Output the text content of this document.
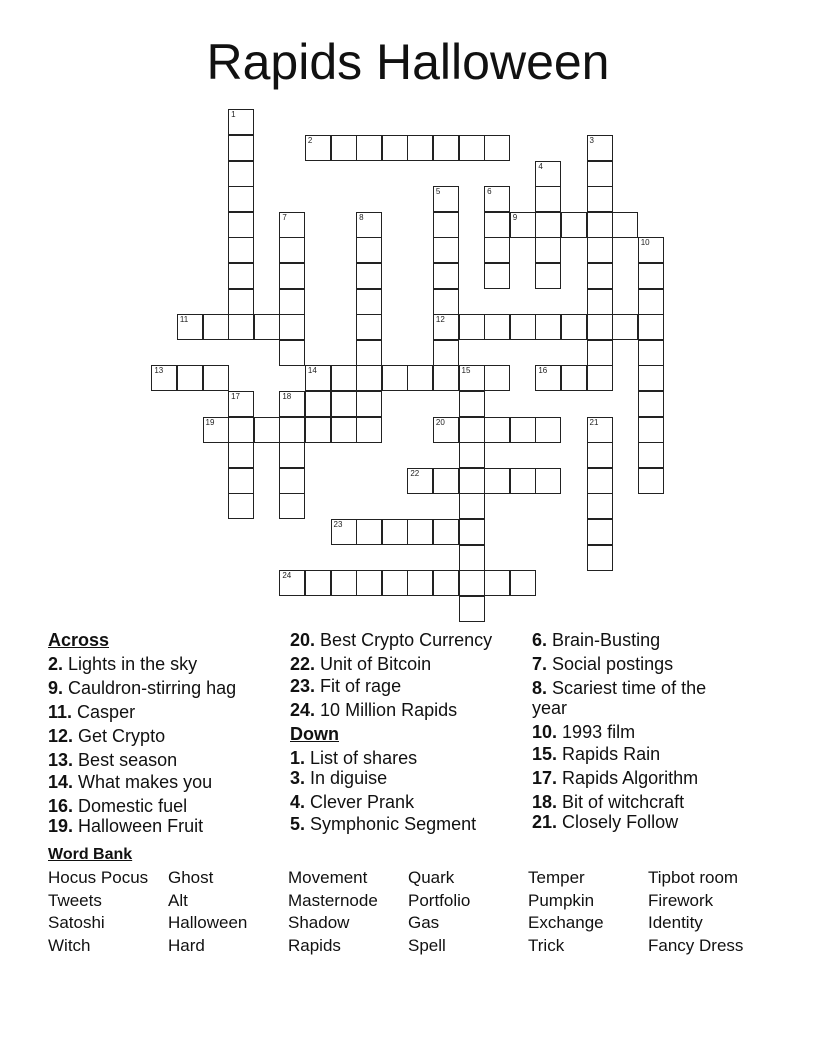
Rapids Halloween
1
2	3
4
5	6
7	8	9
10
11	12
13	14	15	16
17	18
19	20	21
22
23
24
Across
2. Lights in the sky
9. Cauldron-stirring hag
11. Casper
12. Get Crypto
13. Best season
14. What makes you
16. Domestic fuel
19. Halloween Fruit
20. Best Crypto Currency
22. Unit of Bitcoin
23. Fit of rage
24. 10 Million Rapids
Down
1. List of shares
3. In diguise
4. Clever Prank
5. Symphonic Segment
6. Brain-Busting
7. Social postings
8. Scariest time of the year
10. 1993 film
15. Rapids Rain
17. Rapids Algorithm
18. Bit of witchcraft
21. Closely Follow
Word Bank
Hocus Pocus
Tweets
Satoshi
Witch
Ghost
Alt
Halloween
Hard
Movement
Masternode
Shadow
Rapids
Quark
Portfolio
Gas
Spell
Temper
Pumpkin
Exchange
Trick
Tipbot room
Firework
Identity
Fancy Dress
